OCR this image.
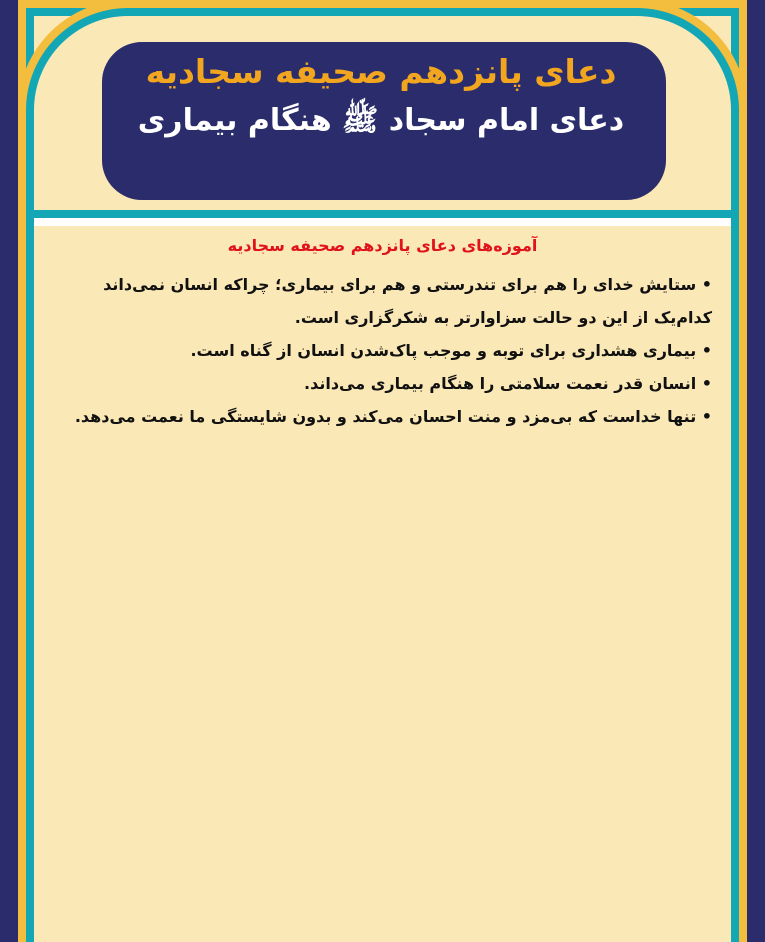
دعای پانزدهم صحیفه سجادیه
دعای امام سجاد ﷺ هنگام بیماری
آموزه‌های دعای پانزدهم صحیفه سجادیه
• ستایش خدای را هم برای تندرستی و هم برای بیماری؛ چراکه انسان نمی‌داند کدام‌یک از این دو حالت سزاوارتر به شکرگزاری است.
• بیماری هشداری برای توبه و موجب پاک‌شدن انسان از گناه است.
• انسان قدر نعمت سلامتی را هنگام بیماری می‌داند.
• تنها خداست که بی‌مزد و منت احسان می‌کند و بدون شایستگی ما نعمت می‌دهد.
